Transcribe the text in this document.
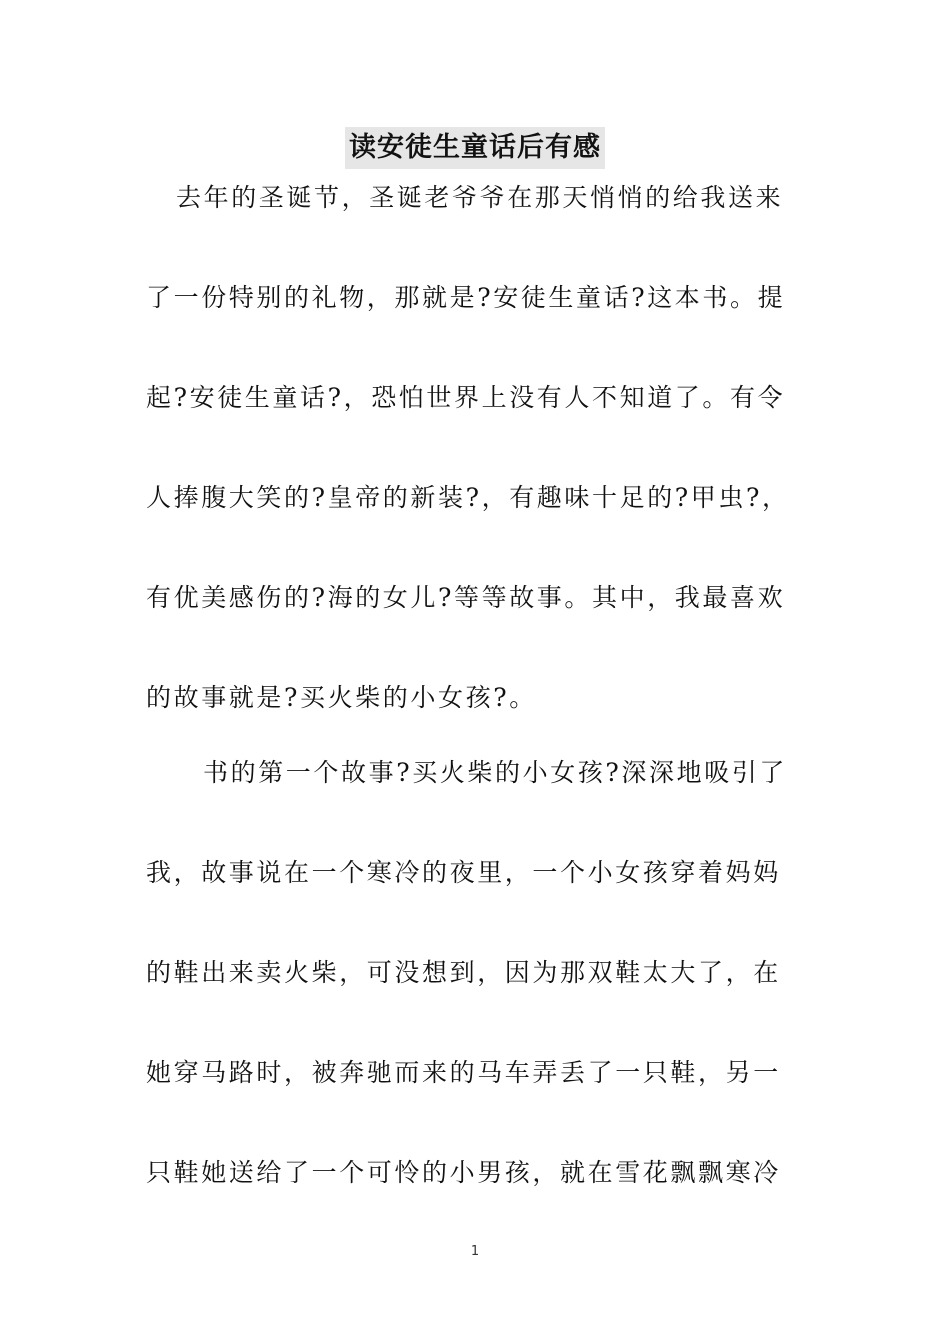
读安徒生童话后有感
去年的圣诞节，圣诞老爷爷在那天悄悄的给我送来
了一份特别的礼物，那就是?安徒生童话?这本书。提
起?安徒生童话?，恐怕世界上没有人不知道了。有令
人捧腹大笑的?皇帝的新装?，有趣味十足的?甲虫?，
有优美感伤的?海的女儿?等等故事。其中，我最喜欢
的故事就是?买火柴的小女孩?。
书的第一个故事?买火柴的小女孩?深深地吸引了
我，故事说在一个寒冷的夜里，一个小女孩穿着妈妈
的鞋出来卖火柴，可没想到，因为那双鞋太大了，在
她穿马路时，被奔驰而来的马车弄丢了一只鞋，另一
只鞋她送给了一个可怜的小男孩，就在雪花飘飘寒冷
1
